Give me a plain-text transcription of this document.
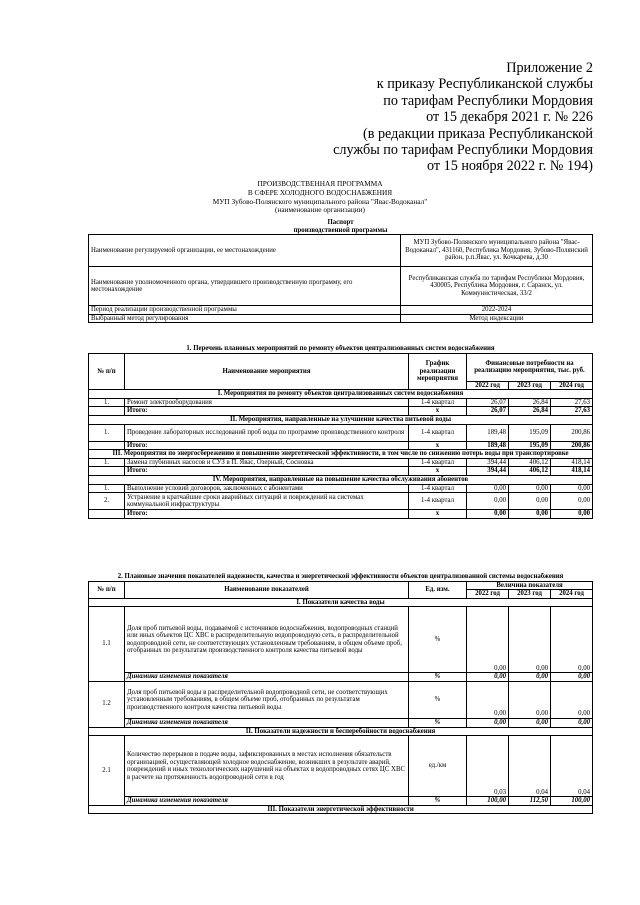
Приложение 2
к приказу Республиканской службы
по тарифам Республики Мордовия
от 15 декабря 2021 г. № 226
(в редакции приказа Республиканской
службы по тарифам Республики Мордовия
от 15 ноября 2022 г. № 194)
ПРОИЗВОДСТВЕННАЯ ПРОГРАММА
В СФЕРЕ ХОЛОДНОГО ВОДОСНАБЖЕНИЯ
МУП Зубово-Полянского муниципального района "Явас-Водоканал"
(наименование организации)
Паспорт	
производственной программы	
Наименование регулируемой организации, ее местонахождение	МУП Зубово-Полянского муниципального района "Явас-Водоканал", 431160, Республика Мордовия, Зубово-Полянский район, р.п.Явас, ул. Кочкарева, д.30
Наименование уполномоченного органа, утвердившего производственную программу, его местонахождение	Республиканская служба по тарифам Республики Мордовия, 430005, Республика Мордовия, г. Саранск, ул. Коммунистическая, 33/2
Период реализации производственной программы	2022-2024
Выбранный метод регулирования	Метод индексации
1. Перечень плановых мероприятий по ремонту объектов централизованных систем водоснабжения					
№ п/п	Наименование мероприятия	График реализации мероприятия	Финансовые потребности на реализацию мероприятия, тыс. руб.		
			2022 год	2023 год	2024 год
I. Мероприятия по ремонту объектов централизованных систем водоснабжения					
1.	Ремонт электрооборудования	1-4 квартал	26,07	26,84	27,63
	Итого:	x	26,07	26,84	27,63
II. Мероприятия, направленные на улучшение качества питьевой воды					
1.	Проведение лабораторных исследований проб воды по программе производственного контроля	1-4 квартал	189,48	195,09	200,86
	Итого:	x	189,48	195,09	200,86
III. Мероприятия по энергосбережению и повышению энергетической эффективности, в том числе по снижению потерь воды при транспортировке					
1.	Замена глубинных насосов и СУЗ в П. Явас, Озерный, Сосновка	1-4 квартал	394,44	406,12	418,14
	Итого:	x	394,44	406,12	418,14
IV. Мероприятия, направленные на повышение качества обслуживания абонентов					
1.	Выполнение условий договоров, заключенных с абонентами	1-4 квартал	0,00	0,00	0,00
2.	Устранение в кратчайшие сроки аварийных ситуаций и повреждений на системах коммунальной инфраструктуры	1-4 квартал	0,00	0,00	0,00
	Итого:	x	0,00	0,00	0,00
2. Плановые значения показателей надежности, качества и энергетической эффективности объектов централизованной системы водоснабжения					
№ п/п	Наименование показателей	Ед. изм.	Величина показателя		
			2022 год	2023 год	2024 год
I. Показатели качества воды					
1.1	Доля проб питьевой воды, подаваемой с источников водоснабжения, водопроводных станций или иных объектов ЦС ХВС в распределительную водопроводную сеть, в распределительной водопроводной сети, не соответствующих установленным требованиям, в общем объеме проб, отобранных по результатам производственного контроля качества питьевой воды	%	0,00	0,00	0,00
	Динамика изменения показателя	%	0,00	0,00	0,00
1.2	Доля проб питьевой воды в распределительной водопроводной сети, не соответствующих установленным требованиям, в общем объеме проб, отобранных по результатам производственного контроля качества питьевой воды	%	0,00	0,00	0,00
	Динамика изменения показателя	%	0,00	0,00	0,00
II. Показатели надежности и бесперебойности водоснабжения					
2.1	Количество перерывов в подаче воды, зафиксированных в местах исполнения обязательств организацией, осуществляющей холодное водоснабжение, возникших в результате аварий, повреждений и иных технологических нарушений на объектах в водопроводных сетях ЦС ХВС в расчете на протяженность водопроводной сети в год	ед./км	0,03	0,04	0,04
	Динамика изменения показателя	%	100,00	112,50	100,00
III. Показатели энергетической эффективности					
